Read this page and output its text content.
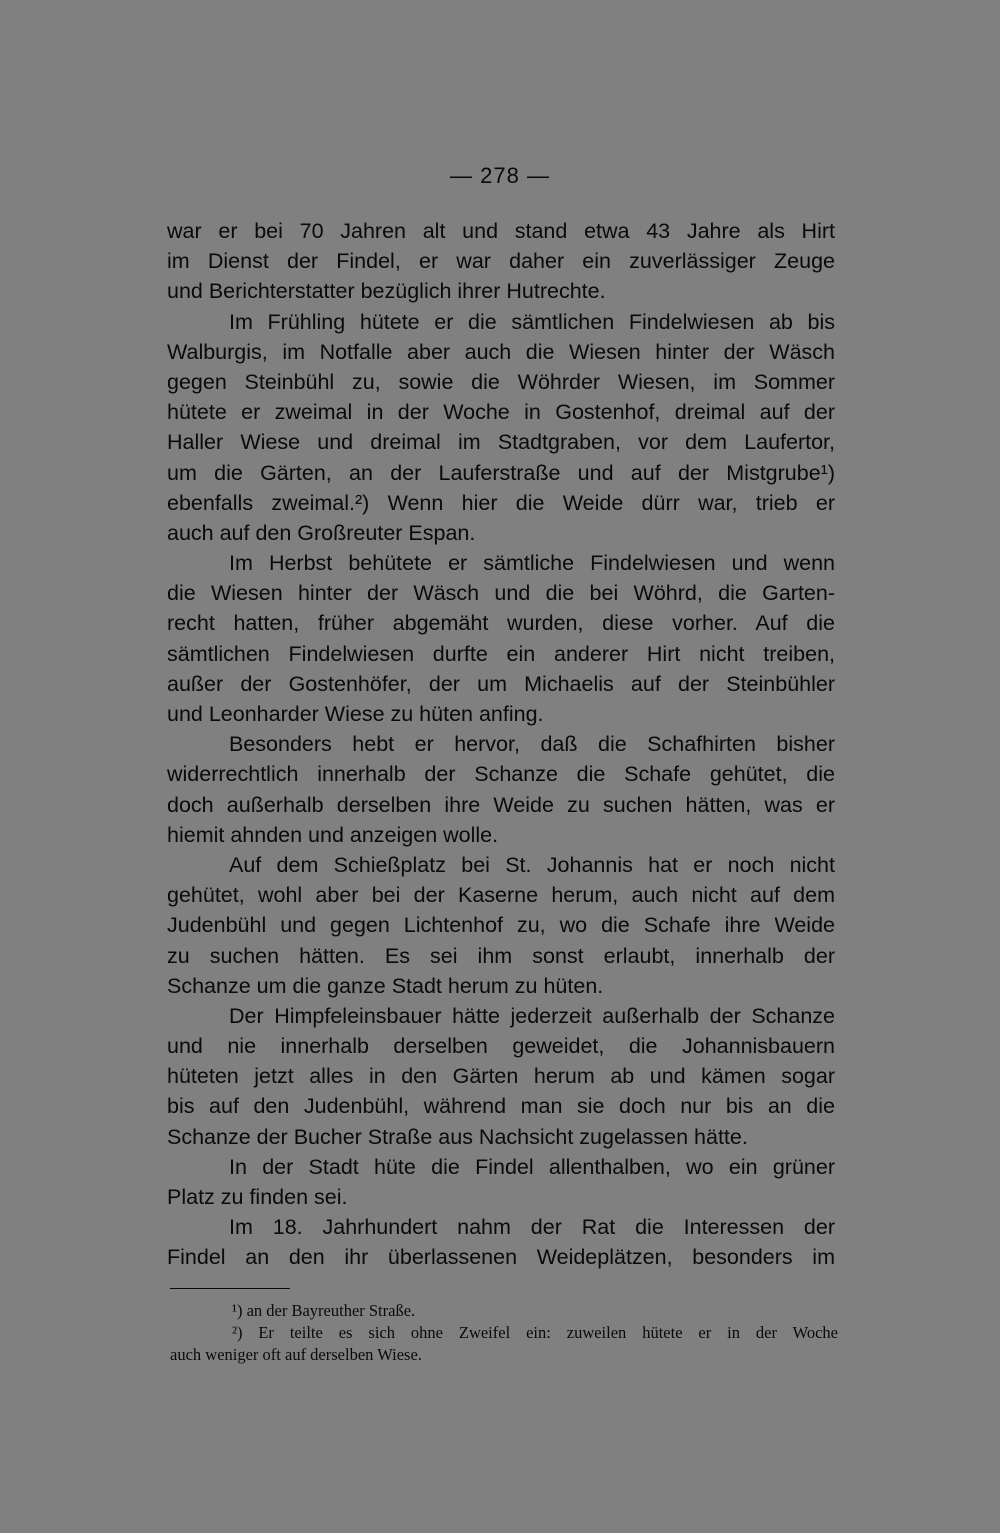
— 278 —
war er bei 70 Jahren alt und stand etwa 43 Jahre als Hirt
im Dienst der Findel, er war daher ein zuverlässiger Zeuge
und Berichterstatter bezüglich ihrer Hutrechte.
Im Frühling hütete er die sämtlichen Findelwiesen ab bis
Walburgis, im Notfalle aber auch die Wiesen hinter der Wäsch
gegen Steinbühl zu, sowie die Wöhrder Wiesen, im Sommer
hütete er zweimal in der Woche in Gostenhof, dreimal auf der
Haller Wiese und dreimal im Stadtgraben, vor dem Laufertor,
um die Gärten, an der Lauferstraße und auf der Mistgrube¹)
ebenfalls zweimal.²) Wenn hier die Weide dürr war, trieb er
auch auf den Großreuter Espan.
Im Herbst behütete er sämtliche Findelwiesen und wenn
die Wiesen hinter der Wäsch und die bei Wöhrd, die Garten-
recht hatten, früher abgemäht wurden, diese vorher. Auf die
sämtlichen Findelwiesen durfte ein anderer Hirt nicht treiben,
außer der Gostenhöfer, der um Michaelis auf der Steinbühler
und Leonharder Wiese zu hüten anfing.
Besonders hebt er hervor, daß die Schafhirten bisher
widerrechtlich innerhalb der Schanze die Schafe gehütet, die
doch außerhalb derselben ihre Weide zu suchen hätten, was er
hiemit ahnden und anzeigen wolle.
Auf dem Schießplatz bei St. Johannis hat er noch nicht
gehütet, wohl aber bei der Kaserne herum, auch nicht auf dem
Judenbühl und gegen Lichtenhof zu, wo die Schafe ihre Weide
zu suchen hätten. Es sei ihm sonst erlaubt, innerhalb der
Schanze um die ganze Stadt herum zu hüten.
Der Himpfeleinsbauer hätte jederzeit außerhalb der Schanze
und nie innerhalb derselben geweidet, die Johannisbauern
hüteten jetzt alles in den Gärten herum ab und kämen sogar
bis auf den Judenbühl, während man sie doch nur bis an die
Schanze der Bucher Straße aus Nachsicht zugelassen hätte.
In der Stadt hüte die Findel allenthalben, wo ein grüner
Platz zu finden sei.
Im 18. Jahrhundert nahm der Rat die Interessen der
Findel an den ihr überlassenen Weideplätzen, besonders im
¹) an der Bayreuther Straße.
²) Er teilte es sich ohne Zweifel ein: zuweilen hütete er in der Woche
auch weniger oft auf derselben Wiese.
